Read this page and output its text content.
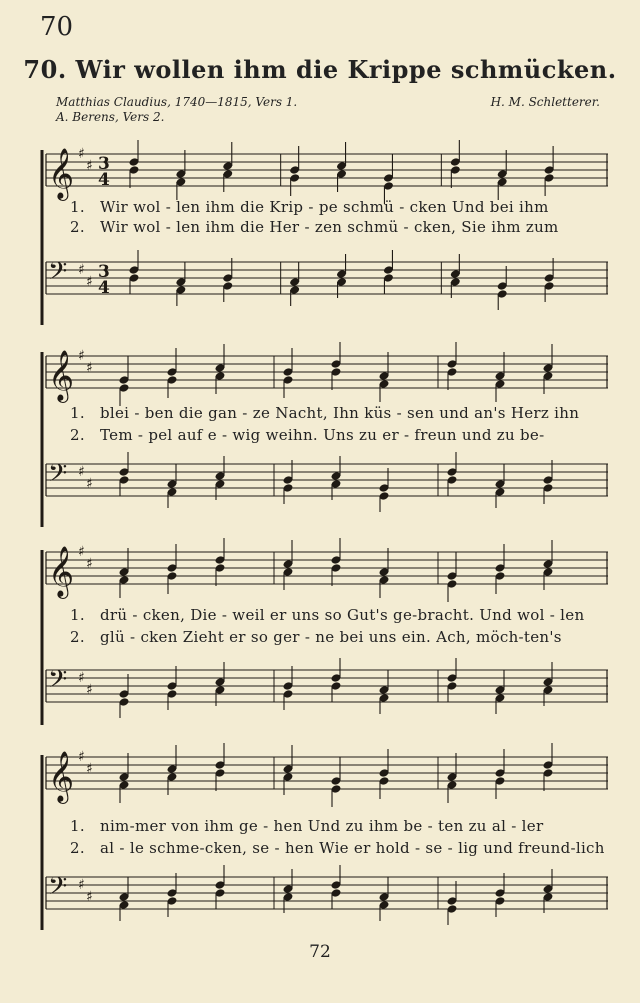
70
70. Wir wollen ihm die Krippe schmücken.
Matthias Claudius, 1740—1815, Vers 1.
A. Berens, Vers 2.
H. M. Schletterer.
𝄞 ♯
♯ 3
4
1. Wir wol - len ihm die Krip - pe schmü - cken Und bei ihm
2. Wir wol - len ihm die Her - zen schmü - cken, Sie ihm zum
𝄢 ♯
♯ 3
4
𝄞 ♯
♯
1. blei - ben die gan - ze Nacht, Ihn küs - sen und an's Herz ihn
2. Tem - pel auf e - wig weihn. Uns zu er - freun und zu be-
𝄢 ♯
♯
𝄞 ♯
♯
1. drü - cken, Die - weil er uns so Gut's ge-bracht. Und wol - len
2. glü - cken Zieht er so ger - ne bei uns ein. Ach, möch-ten's
𝄢 ♯
♯
𝄞 ♯
♯
1. nim-mer von ihm ge - hen Und zu ihm be - ten zu al - ler
2. al - le schme-cken, se - hen Wie er hold - se - lig und freund-lich
𝄢 ♯
♯
72
